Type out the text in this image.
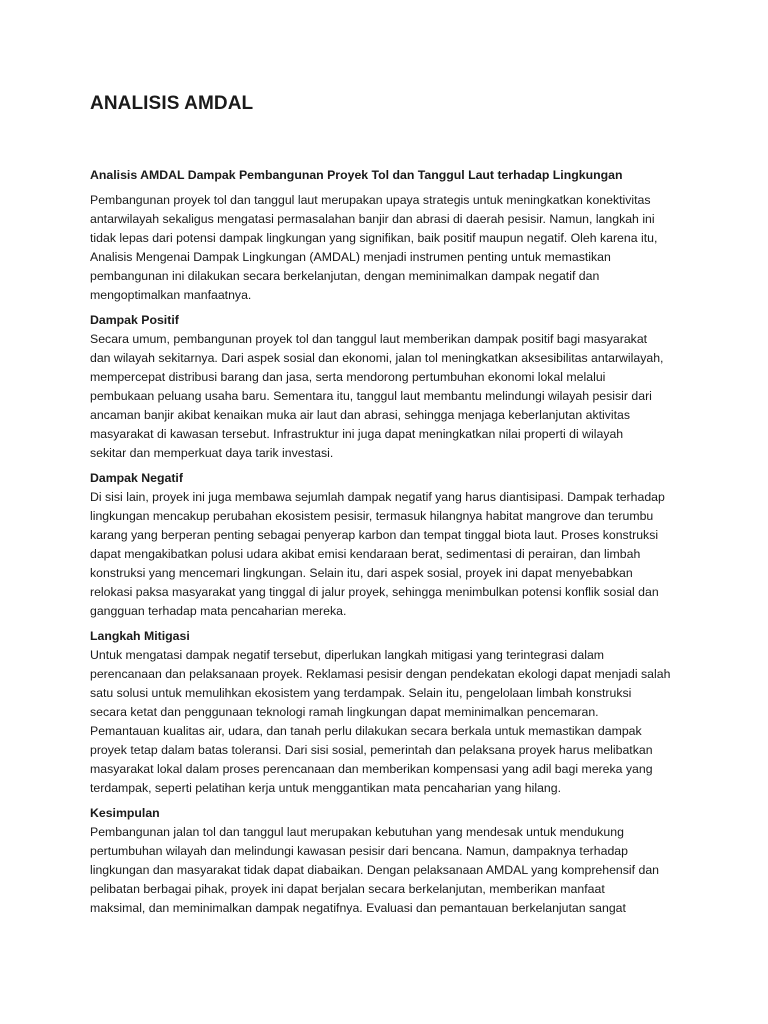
ANALISIS AMDAL
Analisis AMDAL Dampak Pembangunan Proyek Tol dan Tanggul Laut terhadap Lingkungan
Pembangunan proyek tol dan tanggul laut merupakan upaya strategis untuk meningkatkan konektivitas
antarwilayah sekaligus mengatasi permasalahan banjir dan abrasi di daerah pesisir. Namun, langkah ini
tidak lepas dari potensi dampak lingkungan yang signifikan, baik positif maupun negatif. Oleh karena itu,
Analisis Mengenai Dampak Lingkungan (AMDAL) menjadi instrumen penting untuk memastikan
pembangunan ini dilakukan secara berkelanjutan, dengan meminimalkan dampak negatif dan
mengoptimalkan manfaatnya.
Dampak Positif
Secara umum, pembangunan proyek tol dan tanggul laut memberikan dampak positif bagi masyarakat
dan wilayah sekitarnya. Dari aspek sosial dan ekonomi, jalan tol meningkatkan aksesibilitas antarwilayah,
mempercepat distribusi barang dan jasa, serta mendorong pertumbuhan ekonomi lokal melalui
pembukaan peluang usaha baru. Sementara itu, tanggul laut membantu melindungi wilayah pesisir dari
ancaman banjir akibat kenaikan muka air laut dan abrasi, sehingga menjaga keberlanjutan aktivitas
masyarakat di kawasan tersebut. Infrastruktur ini juga dapat meningkatkan nilai properti di wilayah
sekitar dan memperkuat daya tarik investasi.
Dampak Negatif
Di sisi lain, proyek ini juga membawa sejumlah dampak negatif yang harus diantisipasi. Dampak terhadap
lingkungan mencakup perubahan ekosistem pesisir, termasuk hilangnya habitat mangrove dan terumbu
karang yang berperan penting sebagai penyerap karbon dan tempat tinggal biota laut. Proses konstruksi
dapat mengakibatkan polusi udara akibat emisi kendaraan berat, sedimentasi di perairan, dan limbah
konstruksi yang mencemari lingkungan. Selain itu, dari aspek sosial, proyek ini dapat menyebabkan
relokasi paksa masyarakat yang tinggal di jalur proyek, sehingga menimbulkan potensi konflik sosial dan
gangguan terhadap mata pencaharian mereka.
Langkah Mitigasi
Untuk mengatasi dampak negatif tersebut, diperlukan langkah mitigasi yang terintegrasi dalam
perencanaan dan pelaksanaan proyek. Reklamasi pesisir dengan pendekatan ekologi dapat menjadi salah
satu solusi untuk memulihkan ekosistem yang terdampak. Selain itu, pengelolaan limbah konstruksi
secara ketat dan penggunaan teknologi ramah lingkungan dapat meminimalkan pencemaran.
Pemantauan kualitas air, udara, dan tanah perlu dilakukan secara berkala untuk memastikan dampak
proyek tetap dalam batas toleransi. Dari sisi sosial, pemerintah dan pelaksana proyek harus melibatkan
masyarakat lokal dalam proses perencanaan dan memberikan kompensasi yang adil bagi mereka yang
terdampak, seperti pelatihan kerja untuk menggantikan mata pencaharian yang hilang.
Kesimpulan
Pembangunan jalan tol dan tanggul laut merupakan kebutuhan yang mendesak untuk mendukung
pertumbuhan wilayah dan melindungi kawasan pesisir dari bencana. Namun, dampaknya terhadap
lingkungan dan masyarakat tidak dapat diabaikan. Dengan pelaksanaan AMDAL yang komprehensif dan
pelibatan berbagai pihak, proyek ini dapat berjalan secara berkelanjutan, memberikan manfaat
maksimal, dan meminimalkan dampak negatifnya. Evaluasi dan pemantauan berkelanjutan sangat
